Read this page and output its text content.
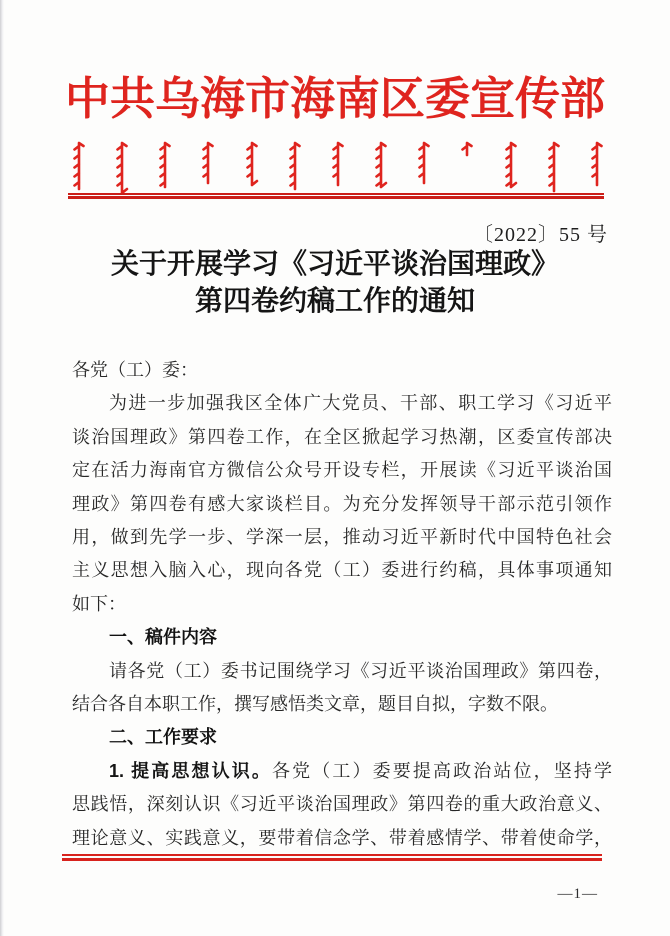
中共乌海市海南区委宣传部
〔2022〕55 号
关于开展学习《习近平谈治国理政》
第四卷约稿工作的通知
各党（工）委：
为进一步加强我区全体广大党员、干部、职工学习《习近平
谈治国理政》第四卷工作，在全区掀起学习热潮，区委宣传部决
定在活力海南官方微信公众号开设专栏，开展读《习近平谈治国
理政》第四卷有感大家谈栏目。为充分发挥领导干部示范引领作
用，做到先学一步、学深一层，推动习近平新时代中国特色社会
主义思想入脑入心，现向各党（工）委进行约稿，具体事项通知
如下：
一、稿件内容
请各党（工）委书记围绕学习《习近平谈治国理政》第四卷，
结合各自本职工作，撰写感悟类文章，题目自拟，字数不限。
二、工作要求
1. 提高思想认识。各党（工）委要提高政治站位，坚持学
思践悟，深刻认识《习近平谈治国理政》第四卷的重大政治意义、
理论意义、实践意义，要带着信念学、带着感情学、带着使命学，
—1—
